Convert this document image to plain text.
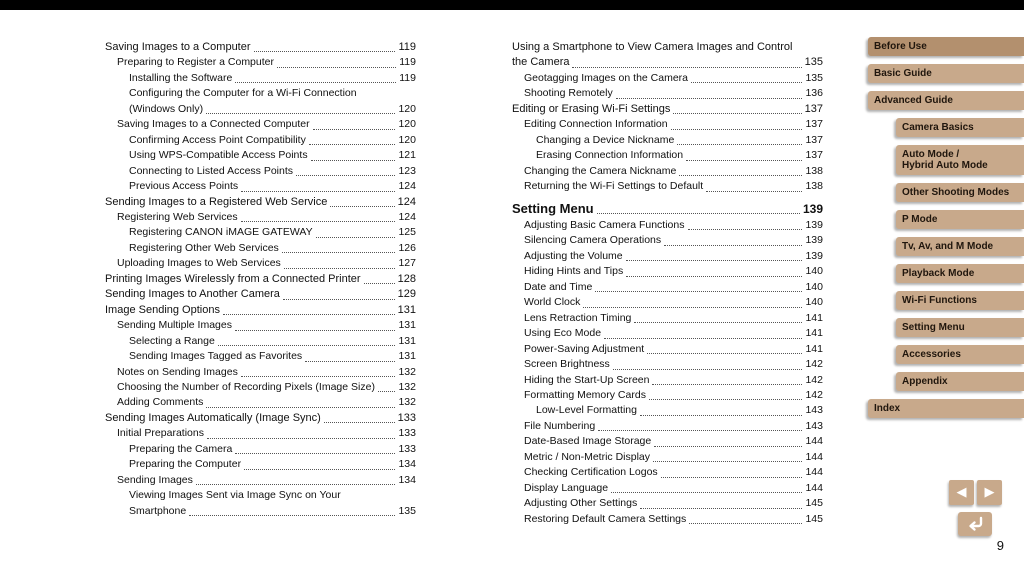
Saving Images to a Computer	119
Preparing to Register a Computer	119
Installing the Software	119
Configuring the Computer for a Wi-Fi Connection
(Windows Only)	120
Saving Images to a Connected Computer	120
Confirming Access Point Compatibility	120
Using WPS-Compatible Access Points	121
Connecting to Listed Access Points	123
Previous Access Points	124
Sending Images to a Registered Web Service	124
Registering Web Services	124
Registering CANON iMAGE GATEWAY	125
Registering Other Web Services	126
Uploading Images to Web Services	127
Printing Images Wirelessly from a Connected Printer	128
Sending Images to Another Camera	129
Image Sending Options	131
Sending Multiple Images	131
Selecting a Range	131
Sending Images Tagged as Favorites	131
Notes on Sending Images	132
Choosing the Number of Recording Pixels (Image Size) 132
Adding Comments	132
Sending Images Automatically (Image Sync)	133
Initial Preparations	133
Preparing the Camera	133
Preparing the Computer	134
Sending Images	134
Viewing Images Sent via Image Sync on Your
Smartphone	135
Using a Smartphone to View Camera Images and Control
the Camera	135
Geotagging Images on the Camera	135
Shooting Remotely	136
Editing or Erasing Wi-Fi Settings	137
Editing Connection Information	137
Changing a Device Nickname	137
Erasing Connection Information	137
Changing the Camera Nickname	138
Returning the Wi-Fi Settings to Default	138
Setting Menu	139
Adjusting Basic Camera Functions	139
Silencing Camera Operations	139
Adjusting the Volume	139
Hiding Hints and Tips	140
Date and Time	140
World Clock	140
Lens Retraction Timing	141
Using Eco Mode	141
Power-Saving Adjustment	141
Screen Brightness	142
Hiding the Start-Up Screen	142
Formatting Memory Cards	142
Low-Level Formatting	143
File Numbering	143
Date-Based Image Storage	144
Metric / Non-Metric Display	144
Checking Certification Logos	144
Display Language	144
Adjusting Other Settings	145
Restoring Default Camera Settings	145
Before Use
Basic Guide
Advanced Guide
Camera Basics
Auto Mode /
Hybrid Auto Mode
Other Shooting Modes
P Mode
Tv, Av, and M Mode
Playback Mode
Wi-Fi Functions
Setting Menu
Accessories
Appendix
Index
◀	▶
9
